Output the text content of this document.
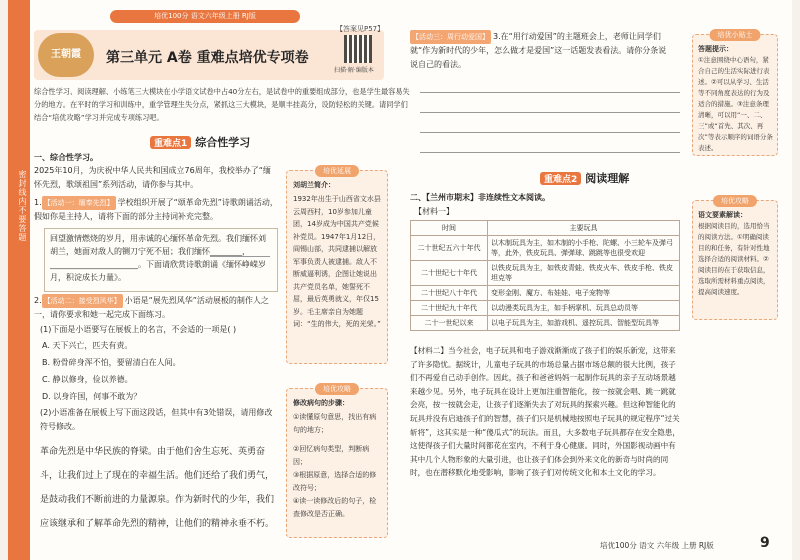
密封线内不要答题
培优100分 语文六年级上册 RJ版
王朝霞	第三单元 A卷 重难点培优专项卷
【答案见P57】
扫描·解·编版本
综合性学习、阅读理解、小练笔三大模块在小学语文试卷中占40分左右，是试卷中的重要组成部分，也是学生最容易失分的地方。在平时的学习和训练中，重学管理生失分点，紧抓这三大模块，是顺丰挂高分，设防轻松的关键。请同学们结合“培优攻略”学习并完成专项练习吧。
重难点1 综合性学习
一、综合性学习。
2025年10月，为庆祝中华人民共和国成立76周年，我校举办了“缅怀先烈，歌颂祖国”系列活动，请你参与其中。
1. 【活动一：缅奉先烈】 学校组织开展了“颂革命先烈”诗歌朗诵活动，假如你是主持人，请将下面的部分主持词补充完整。
回望激情燃烧的岁月，用赤诚的心缅怀革命先烈。我们缅怀刘胡兰，她面对敌人的铡刀宁死不屈；我们缅怀________，______________________。下面请欣赏诗歌朗诵《缅怀峥嵘岁月，积淀成长力量》。
2. 【活动二：接受烈风华】 小语是“展先烈风华”活动展板的制作人之一，请你要求和她一起完成下面练习。
(1)下面是小语要写在展板上的名言，不会适的一项是( )
A. 天下兴亡，匹夫有责。
B. 粉骨碎身浑不怕，要留清白在人间。
C. 静以修身，俭以养德。
D. 以身许国，何事不敢为？
(2)小语准备在展板上写下面这段话，但其中有3处错误，请用修改符号修改。
革命先烈是中华民族的脊梁。由于他们舍生忘死、英勇奋斗，让我们过上了现在的幸福生活。他们还给了我们勇气，是鼓动我们不断前进的力量源泉。作为新时代的少年，我们应该继承和了解革命先烈的精神，让他们的精神永垂不朽。
培优延展
刘胡兰简介：
1932年出生于山西省文水县云周西村，10岁参加儿童团，14岁成为中国共产党候补党员。1947年1月12日，阎锡山部，共同逮捕以解放军事负责人被逮捕。敌人不断威逼利诱，企图让她说出共产党员名单，她誓死不屈，最后英勇就义，年仅15岁。毛主席亲自为她题词：“生的伟大，死的光荣。”
培优攻略
修改病句的步骤：
①读懂原句意思，找出有病句的地方；
②回忆病句类型，判断病因；
③根据原意，选择合适的修改符号；
④读一读修改后的句子，检查修改是否正确。
【活动三：周行动爱国】 3.在“用行动爱国”的主题班会上，老师让同学们就“作为新时代的少年，怎么做才是爱国”这一话题发表看法。请你分条说说自己的看法。
培优小贴士
答题提示：
①注意围绕中心语句，紧合自己的生活实际进行表述。②可以从学习、生活等不同角度表达的行为及适合的措施。③注意条理清晰，可以用“一、二、三”或“首先、其次、再次”等表示顺序的词语分条表述。
重难点2 阅读理解
二、【兰州市期末】非连续性文本阅读。
【材料一】
时间	主要玩具
二十世纪五六十年代	以木制玩具为主，如木制的小手枪、陀螺、小三轮车及弹弓等，此外，铁皮玩具、弹弹球、跳跳等也很受欢迎
二十世纪七十年代	以铁皮玩具为主，如铁皮青蛙、铁皮火车、铁皮手枪、铁皮坦克等
二十世纪八十年代	变形金刚、魔方、布娃娃、电子宠物等
二十世纪九十年代	以动漫类玩具为主，如手柄掌机、玩具总动员等
二十一世纪以来	以电子玩具为主，如游戏机、遥控玩具、智能型玩具等
【材料二】当今社会，电子玩具和电子游戏渐渐成了孩子们的娱乐新宠，这带来了许多隐忧。据统计，儿童电子玩具的市场总量占据市场总额的很大比例，孩子们不再爱自己动手创作。因此，孩子和爸爸妈妈一起制作玩具的亲子互动场景越来越少见。另外，电子玩具在设计上更加注重智能化，按一按就会唱、跳一跳就会亮，按一按就会走，让孩子们逐渐失去了对玩具的探索兴趣。但这种智能化的玩具并没有启迪孩子们的智慧，孩子们只是机械地按照电子玩具的规定程序“过关斩将”，这其实是一种“傻瓜式”的玩法。而且，大多数电子玩具都存在安全隐患，这使得孩子们大量时间都花在室内，不利于身心健康。同时，外国影视动画中有其中几个人物形象的大量引进，也让孩子们体会到外来文化的新奇与时尚的同时，也在潜移默化地受影响，影响了孩子们对传统文化和本土文化的学习。
培优攻略
语文要素解读：
根据阅读目的，选用恰当的阅读方法。①明确阅读目的和任务，有针对性地选择合适的阅读材料。②阅读目的在于获取信息，选取所需材料重点阅读，提高阅读速度。
培优100分 语文 六年级 上册 RJ版	9
